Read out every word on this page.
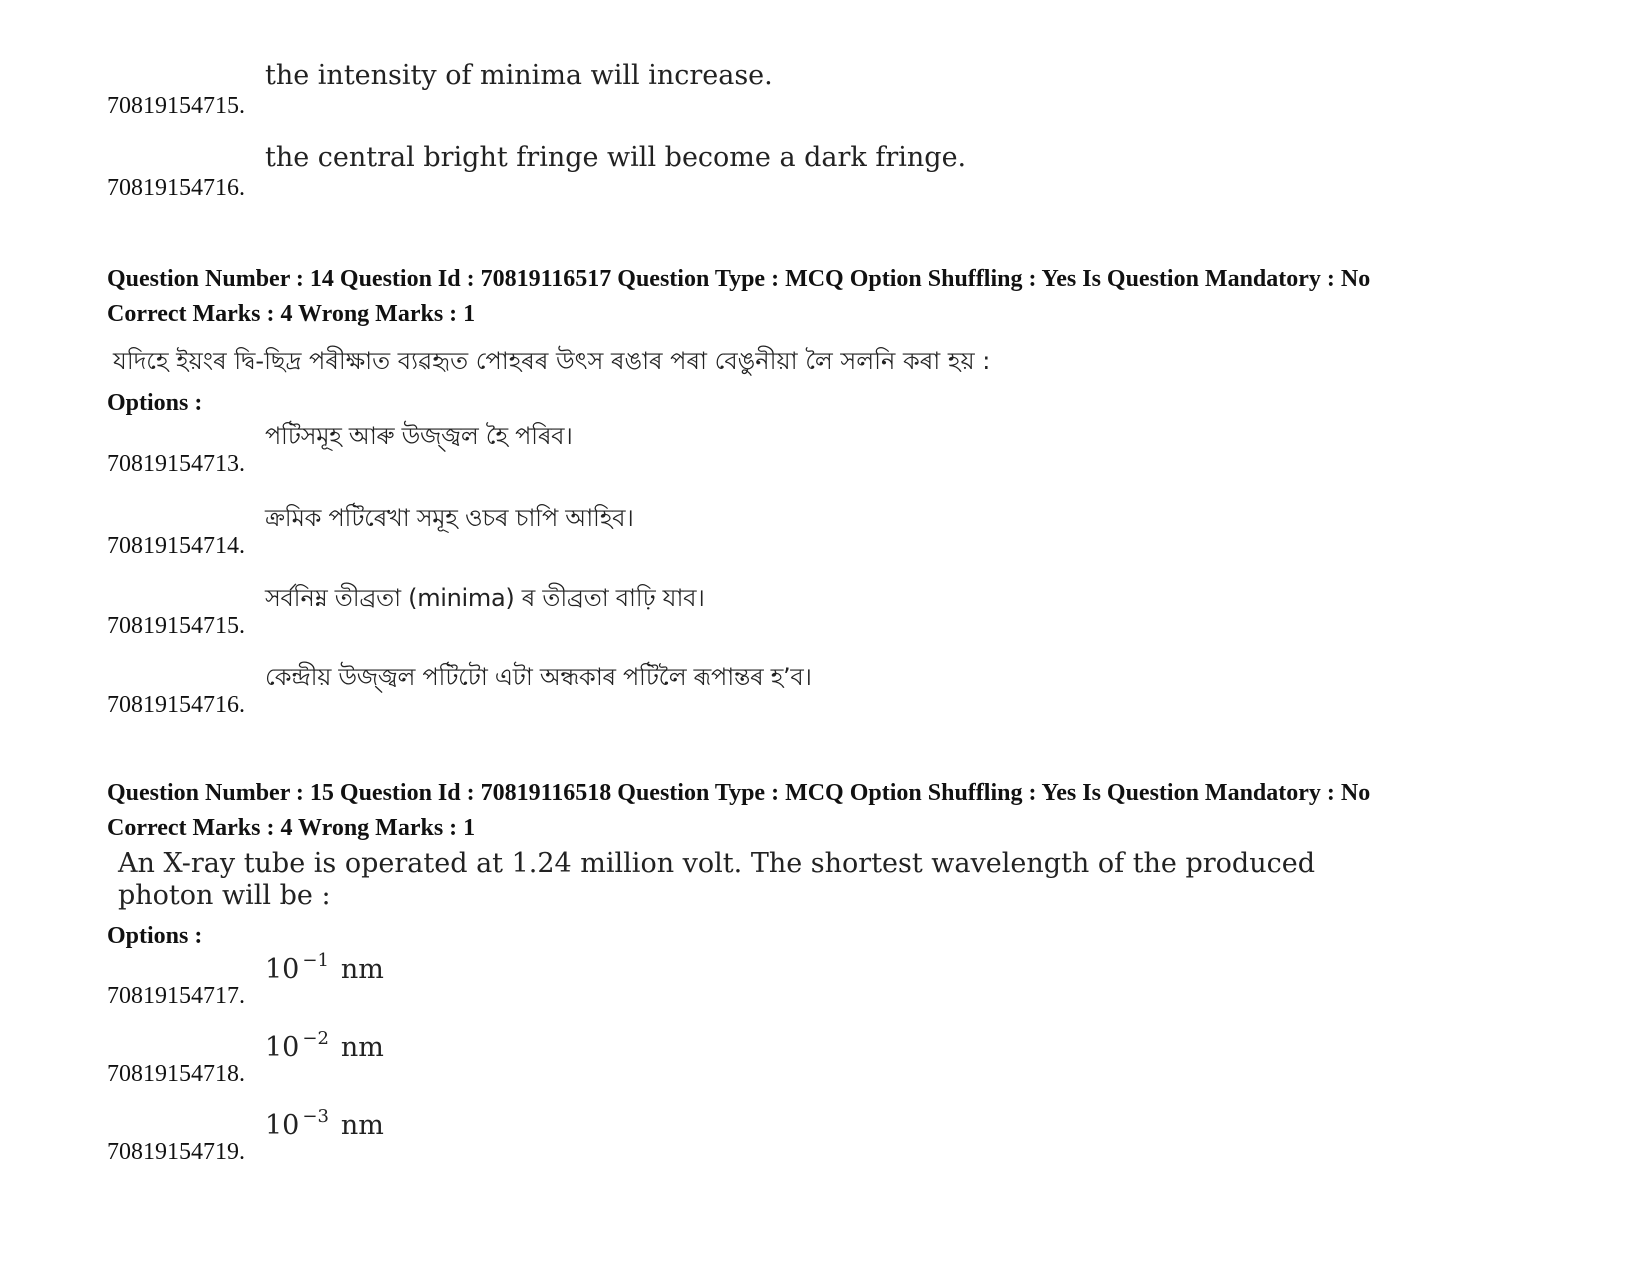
70819154715.
the intensity of minima will increase.
70819154716.
the central bright fringe will become a dark fringe.
Question Number : 14 Question Id : 70819116517 Question Type : MCQ Option Shuffling : Yes Is Question Mandatory : No
Correct Marks : 4 Wrong Marks : 1
যদিহে ইয়ংৰ দ্বি-ছিদ্ৰ পৰীক্ষাত ব্যৱহৃত পোহৰৰ উৎস ৰঙাৰ পৰা বেঙুনীয়া লৈ সলনি কৰা হয় :
Options :
70819154713.
পটিসমূহ আৰু উজ্জ্বল হৈ পৰিব।
70819154714.
ক্ৰমিক পটিৰেখা সমূহ ওচৰ চাপি আহিব।
70819154715.
সৰ্বনিম্ন তীব্ৰতা (minima) ৰ তীব্ৰতা বাঢ়ি যাব।
70819154716.
কেন্দ্ৰীয় উজ্জ্বল পটিটো এটা অন্ধকাৰ পটিলৈ ৰূপান্তৰ হ’ব।
Question Number : 15 Question Id : 70819116518 Question Type : MCQ Option Shuffling : Yes Is Question Mandatory : No
Correct Marks : 4 Wrong Marks : 1
An X-ray tube is operated at 1.24 million volt. The shortest wavelength of the produced
photon will be :
Options :
70819154717.
10 $^{-1}$ nm
70819154718.
10 $^{-2}$ nm
70819154719.
10 $^{-3}$ nm
